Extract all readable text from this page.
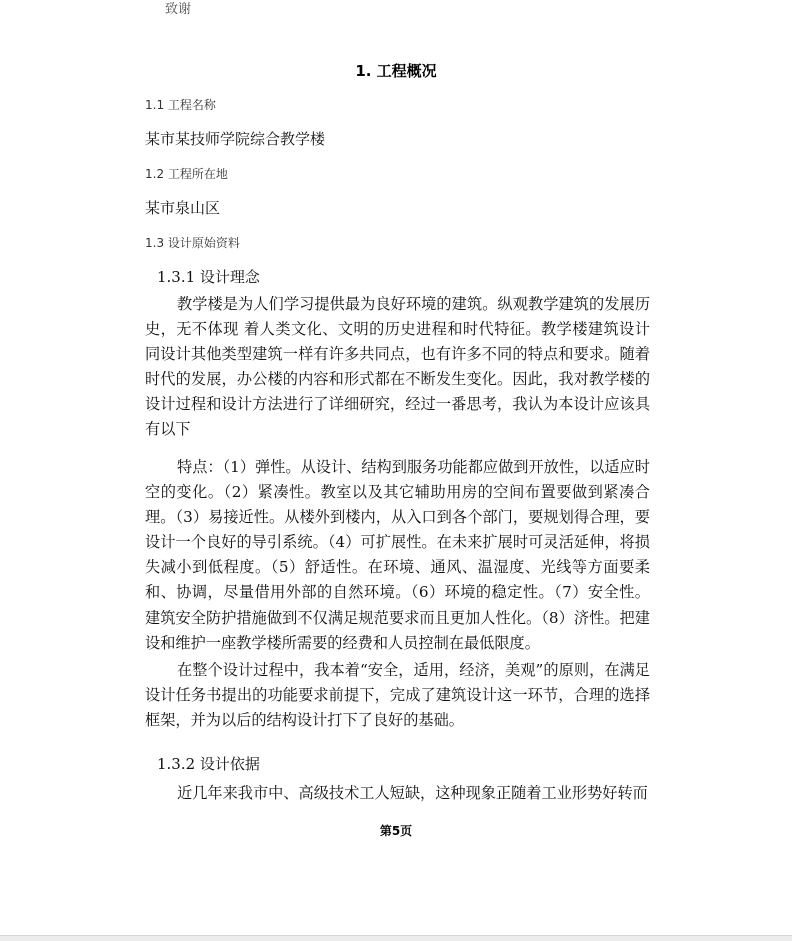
致谢

1. 工程概况

1.1 工程名称

某市某技师学院综合教学楼

1.2 工程所在地

某市泉山区

1.3 设计原始资料

1.3.1 设计理念

教学楼是为人们学习提供最为良好环境的建筑。纵观教学建筑的发展历史，无不体现 着人类文化、文明的历史进程和时代特征。教学楼建筑设计同设计其他类型建筑一样有许多共同点，也有许多不同的特点和要求。随着时代的发展，办公楼的内容和形式都在不断发生变化。因此，我对教学楼的设计过程和设计方法进行了详细研究，经过一番思考，我认为本设计应该具有以下

特点：（1）弹性。从设计、结构到服务功能都应做到开放性，以适应时空的变化。（2）紧凑性。教室以及其它辅助用房的空间布置要做到紧凑合理。（3）易接近性。从楼外到楼内，从入口到各个部门，要规划得合理，要设计一个良好的导引系统。（4）可扩展性。在未来扩展时可灵活延伸，将损失减小到低程度。（5）舒适性。在环境、通风、温湿度、光线等方面要柔和、协调，尽量借用外部的自然环境。（6）环境的稳定性。（7）安全性。建筑安全防护措施做到不仅满足规范要求而且更加人性化。（8）济性。把建设和维护一座教学楼所需要的经费和人员控制在最低限度。

在整个设计过程中，我本着“安全，适用，经济，美观”的原则，在满足设计任务书提出的功能要求前提下，完成了建筑设计这一环节，合理的选择框架，并为以后的结构设计打下了良好的基础。

1.3.2 设计依据

近几年来我市中、高级技术工人短缺，这种现象正随着工业形势好转而

第5页
